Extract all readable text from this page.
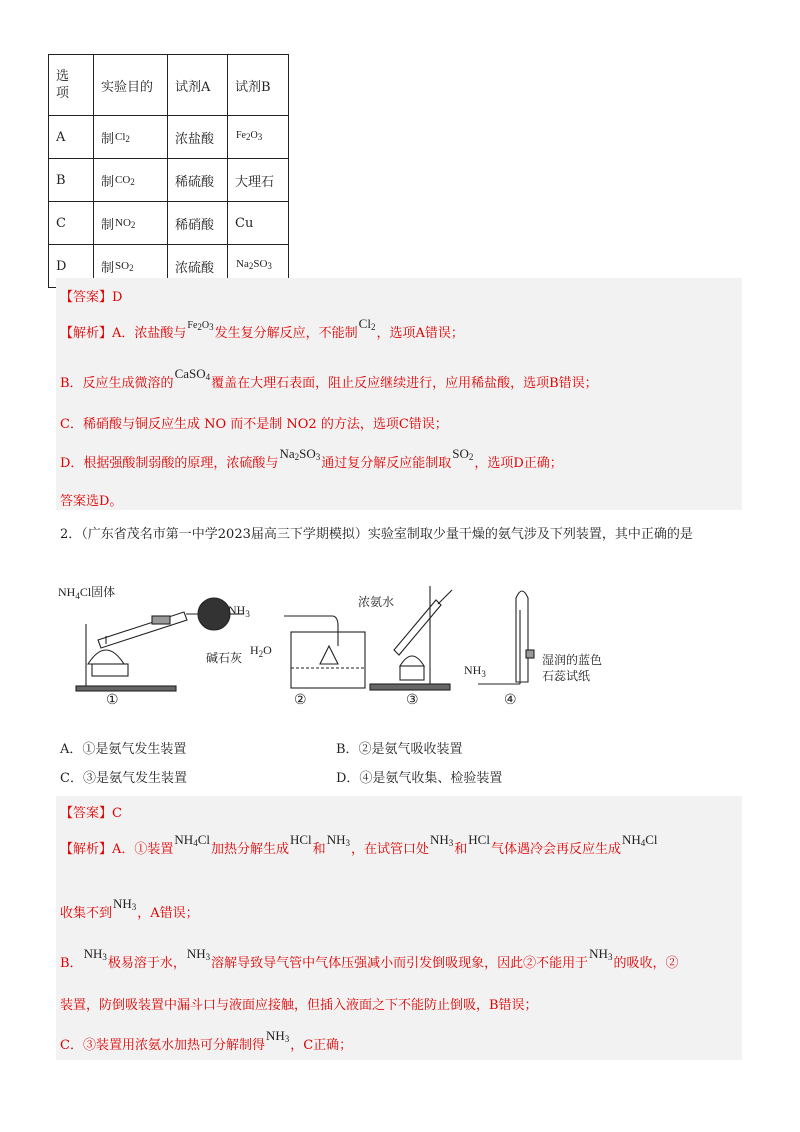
选项	实验目的	试剂A	试剂B
A	制$Cl_2$	浓盐酸	$Fe_2O_3$
B	制$CO_2$	稀硫酸	大理石
C	制$NO_2$	稀硝酸	Cu
D	制$SO_2$	浓硫酸	$Na_2SO_3$
【答案】D
【解析】A．浓盐酸与$Fe_2O_3$发生复分解反应，不能制$Cl_2$，选项A错误；
B．反应生成微溶的CaSO$_4$覆盖在大理石表面，阻止反应继续进行，应用稀盐酸，选项B错误；
C．稀硝酸与铜反应生成 NO 而不是制 NO2 的方法，选项C错误；
D．根据强酸制弱酸的原理，浓硫酸与$Na_2SO_3$通过复分解反应能制取$SO_2$，选项D正确；
答案选D。
2．（广东省茂名市第一中学2023届高三下学期模拟）实验室制取少量干燥的氨气涉及下列装置，其中正确的是
$NH_4Cl$固体
碱石灰
$NH_3$
$H_2O$
浓氨水
$NH_3$
湿润的蓝色
石蕊试纸
①	②	③	④
A．①是氨气发生装置	B．②是氨气吸收装置
C．③是氨气发生装置	D．④是氨气收集、检验装置
【答案】C
【解析】A．①装置$NH_4Cl$加热分解生成HCl和$NH_3$，在试管口处$NH_3$和HCl气体遇冷会再反应生成$NH_4Cl$
收集不到$NH_3$，A错误；
B．$NH_3$极易溶于水，$NH_3$溶解导致导气管中气体压强减小而引发倒吸现象，因此②不能用于$NH_3$的吸收，②
装置，防倒吸装置中漏斗口与液面应接触，但插入液面之下不能防止倒吸，B错误；
C．③装置用浓氨水加热可分解制得$NH_3$，C正确；
